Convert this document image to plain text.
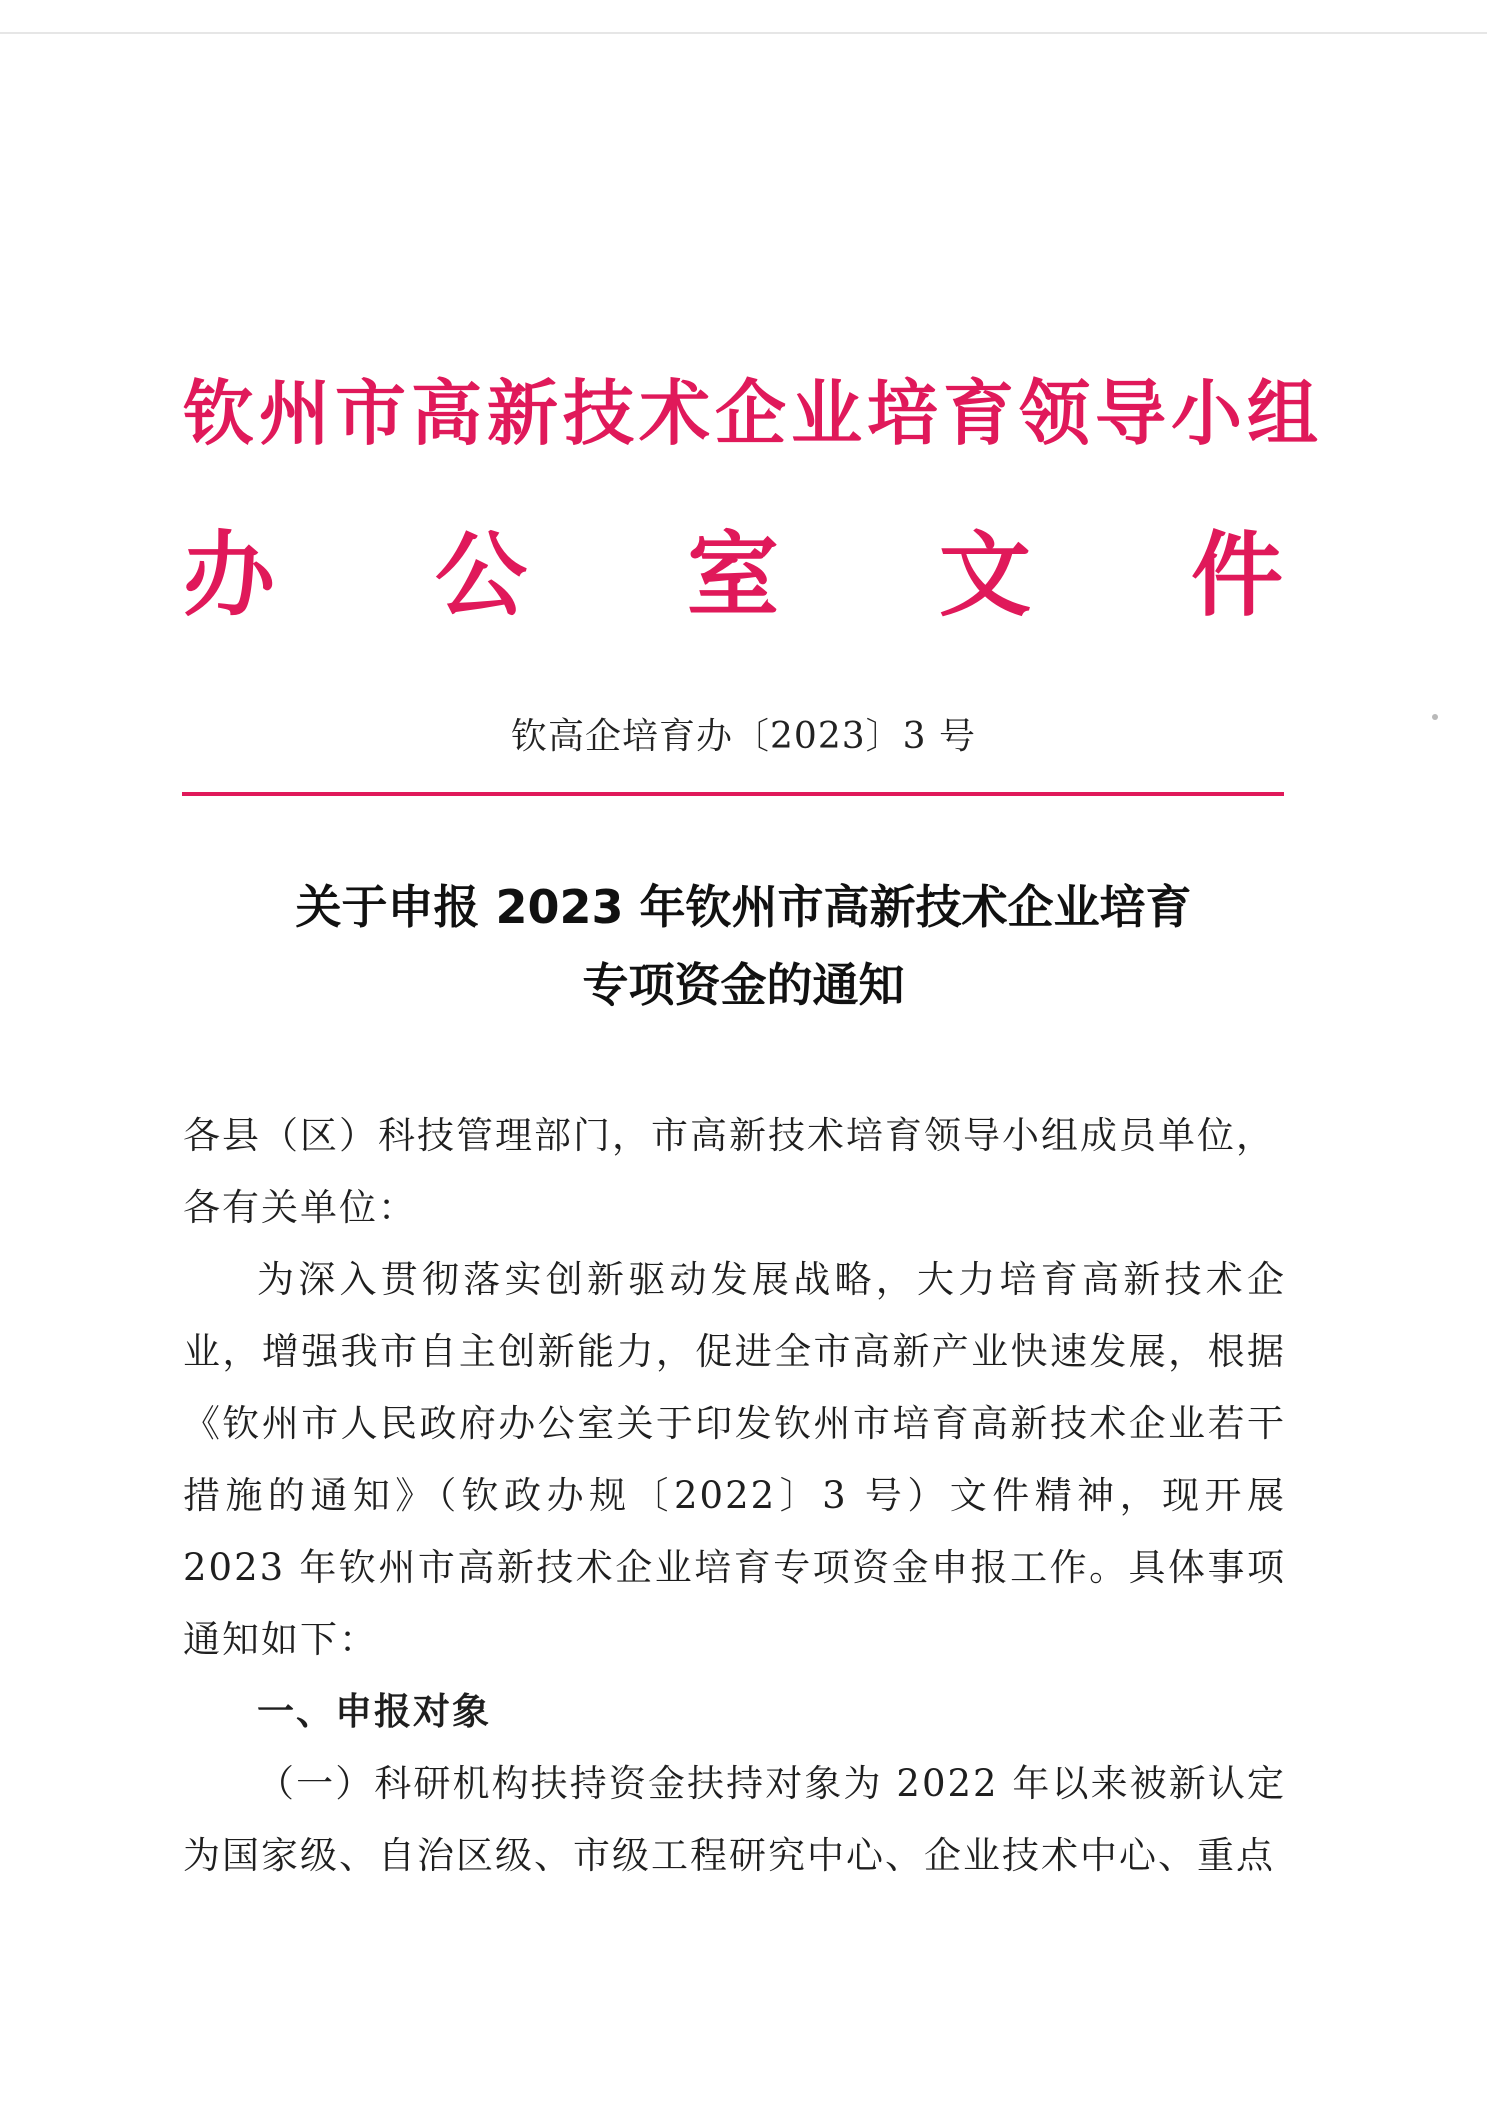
钦州市高新技术企业培育领导小组
办 公 室 文 件
钦高企培育办〔2023〕3 号
关于申报 2023 年钦州市高新技术企业培育
专项资金的通知

各县（区）科技管理部门，市高新技术培育领导小组成员单位，

各有关单位：

为深入贯彻落实创新驱动发展战略，大力培育高新技术企业，增强我市自主创新能力，促进全市高新产业快速发展，根据《钦州市人民政府办公室关于印发钦州市培育高新技术企业若干措施的通知》（钦政办规〔2022〕3 号）文件精神，现开展 2023 年钦州市高新技术企业培育专项资金申报工作。具体事项通知如下：

一、申报对象

（一）科研机构扶持资金扶持对象为 2022 年以来被新认定为国家级、自治区级、市级工程研究中心、企业技术中心、重点
